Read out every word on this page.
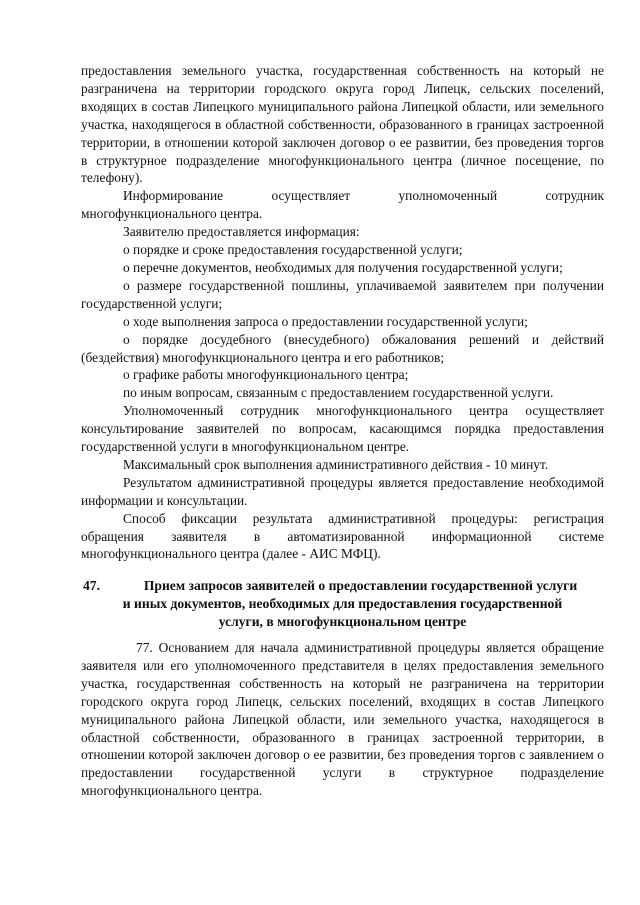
предоставления земельного участка, государственная собственность на который не разграничена на территории городского округа город Липецк, сельских поселений, входящих в состав Липецкого муниципального района Липецкой области, или земельного участка, находящегося в областной собственности, образованного в границах застроенной территории, в отношении которой заключен договор о ее развитии, без проведения торгов в структурное подразделение многофункционального центра (личное посещение, по телефону).

Информирование осуществляет уполномоченный сотрудник многофункционального центра.

Заявителю предоставляется информация:

о порядке и сроке предоставления государственной услуги;

о перечне документов, необходимых для получения государственной услуги;

о размере государственной пошлины, уплачиваемой заявителем при получении государственной услуги;

о ходе выполнения запроса о предоставлении государственной услуги;

о порядке досудебного (внесудебного) обжалования решений и действий (бездействия) многофункционального центра и его работников;

о графике работы многофункционального центра;

по иным вопросам, связанным с предоставлением государственной услуги.

Уполномоченный сотрудник многофункционального центра осуществляет консультирование заявителей по вопросам, касающимся порядка предоставления государственной услуги в многофункциональном центре.

Максимальный срок выполнения административного действия - 10 минут.

Результатом административной процедуры является предоставление необходимой информации и консультации.

Способ фиксации результата административной процедуры: регистрация обращения заявителя в автоматизированной информационной системе многофункционального центра (далее - АИС МФЦ).

47.	Прием запросов заявителей о предоставлении государственной услуги
и иных документов, необходимых для предоставления государственной
услуги, в многофункциональном центре

77. Основанием для начала административной процедуры является обращение заявителя или его уполномоченного представителя в целях предоставления земельного участка, государственная собственность на который не разграничена на территории городского округа город Липецк, сельских поселений, входящих в состав Липецкого муниципального района Липецкой области, или земельного участка, находящегося в областной собственности, образованного в границах застроенной территории, в отношении которой заключен договор о ее развитии, без проведения торгов с заявлением о предоставлении государственной услуги в структурное подразделение многофункционального центра.
